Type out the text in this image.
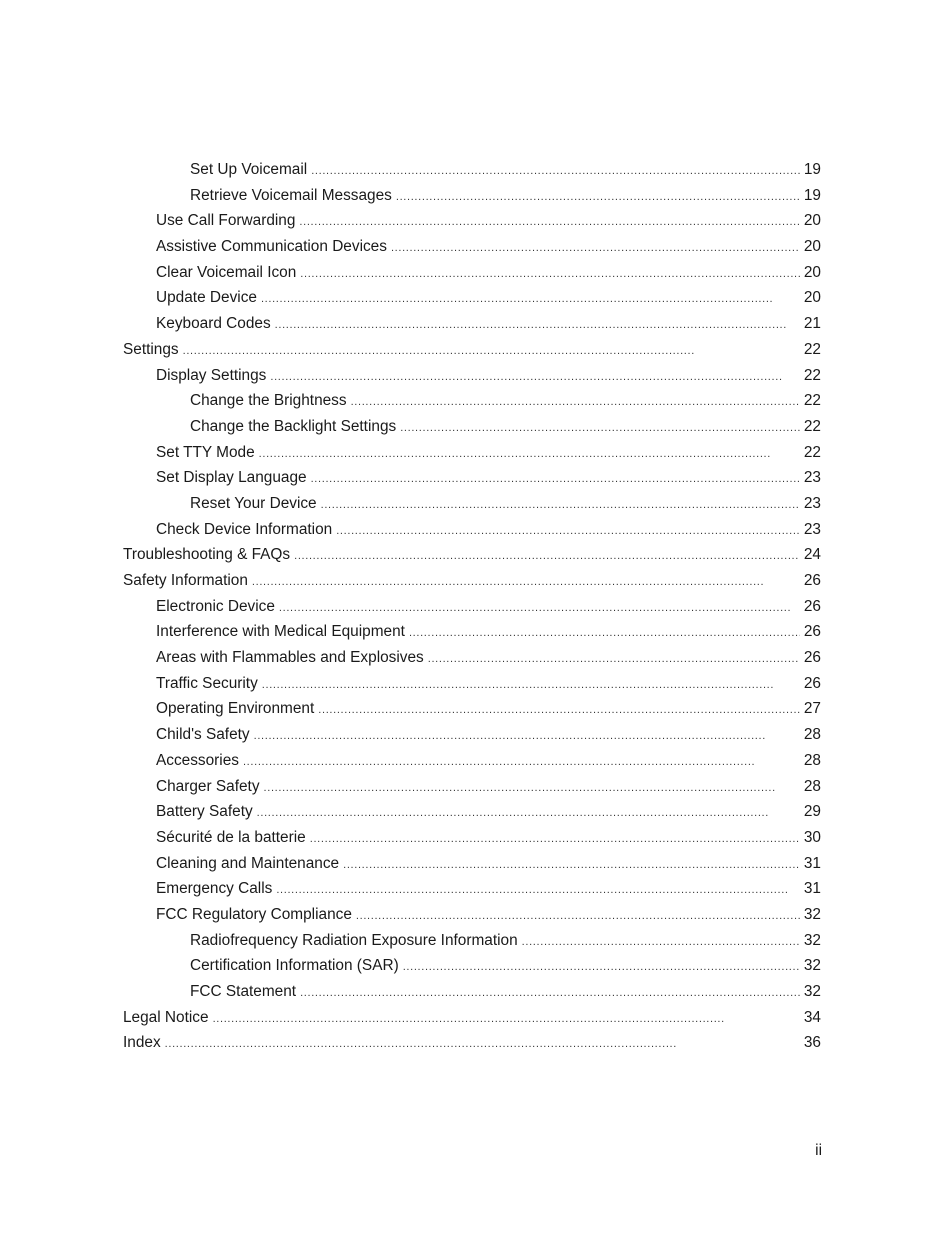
Set Up Voicemail . . .	19
Retrieve Voicemail Messages . . .	19
Use Call Forwarding . . .	20
Assistive Communication Devices . . .	20
Clear Voicemail Icon . . .	20
Update Device . . .	20
Keyboard Codes . . .	21
Settings . . .	22
Display Settings . . .	22
Change the Brightness . . .	22
Change the Backlight Settings . . .	22
Set TTY Mode . . .	22
Set Display Language . . .	23
Reset Your Device . . .	23
Check Device Information . . .	23
Troubleshooting & FAQs . . .	24
Safety Information . . .	26
Electronic Device . . .	26
Interference with Medical Equipment . . .	26
Areas with Flammables and Explosives . . .	26
Traffic Security . . .	26
Operating Environment . . .	27
Child's Safety . . .	28
Accessories . . .	28
Charger Safety . . .	28
Battery Safety . . .	29
Sécurité de la batterie . . .	30
Cleaning and Maintenance . . .	31
Emergency Calls . . .	31
FCC Regulatory Compliance . . .	32
Radiofrequency Radiation Exposure Information . . .	32
Certification Information (SAR) . . .	32
FCC Statement . . .	32
Legal Notice . . .	34
Index . . .	36
ii
